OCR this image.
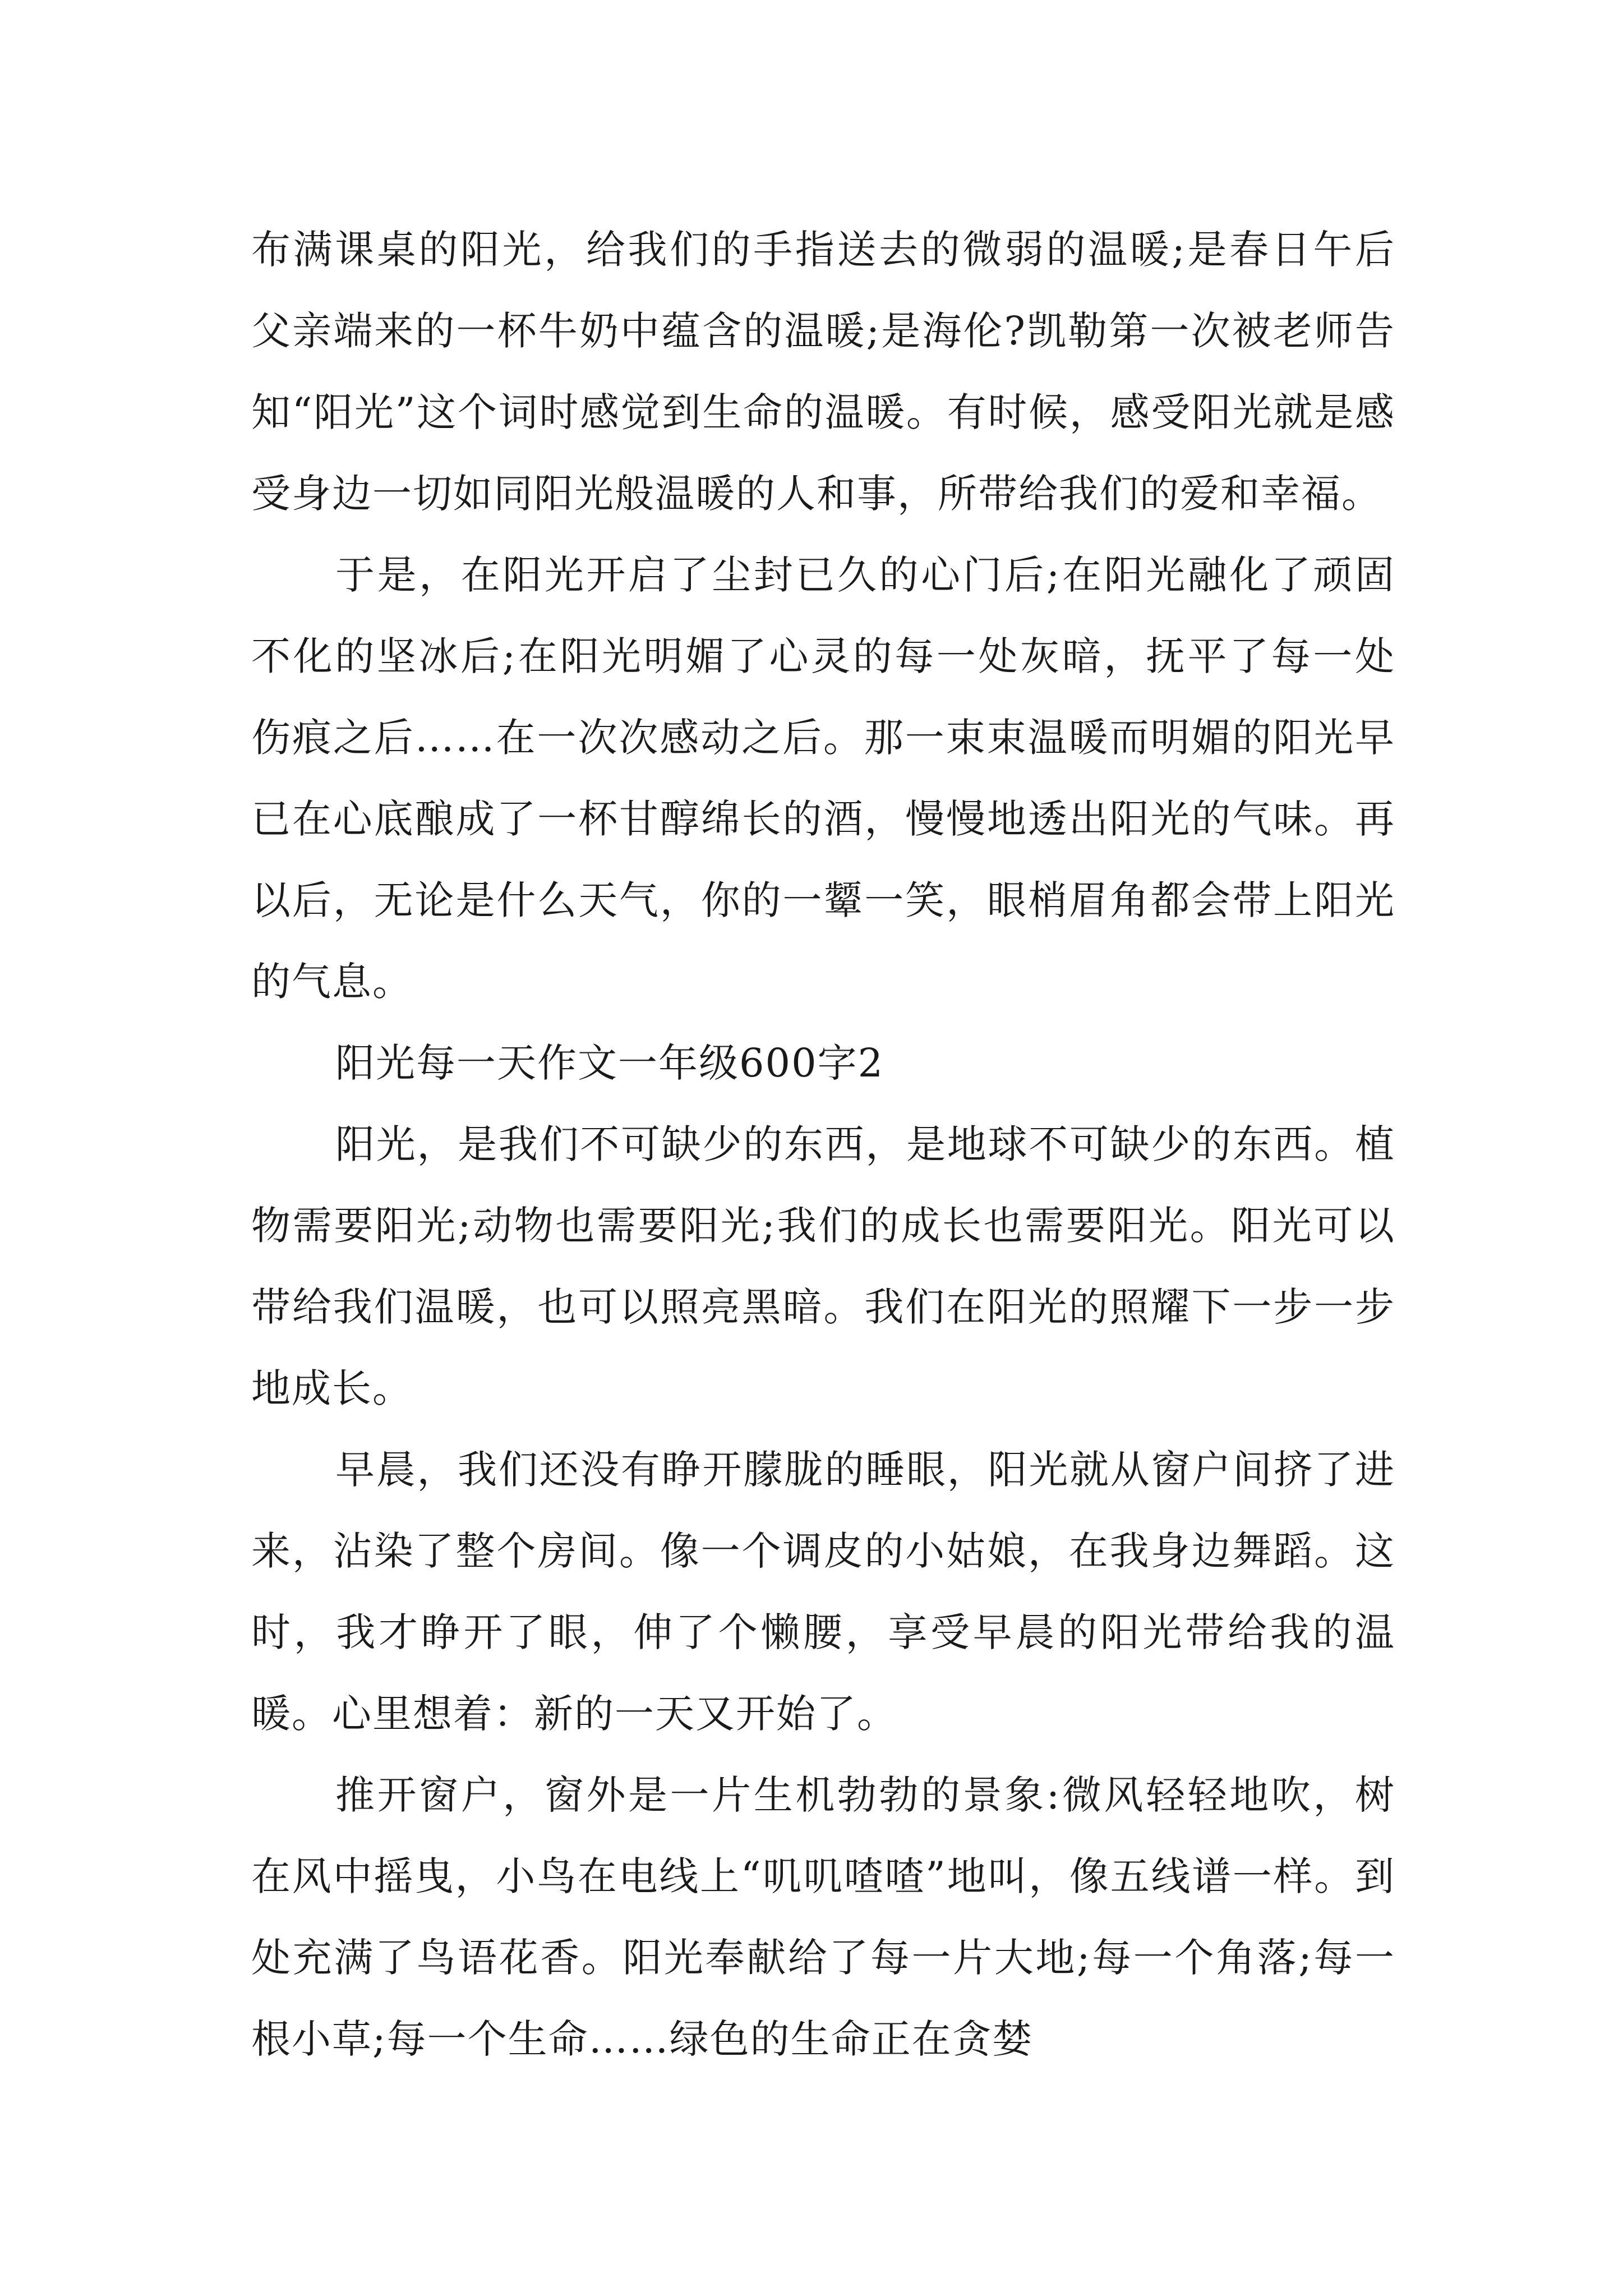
布满课桌的阳光，给我们的手指送去的微弱的温暖;是春日午后父亲端来的一杯牛奶中蕴含的温暖;是海伦?凯勒第一次被老师告知“阳光”这个词时感觉到生命的温暖。有时候，感受阳光就是感受身边一切如同阳光般温暖的人和事，所带给我们的爱和幸福。

于是，在阳光开启了尘封已久的心门后;在阳光融化了顽固不化的坚冰后;在阳光明媚了心灵的每一处灰暗，抚平了每一处伤痕之后……在一次次感动之后。那一束束温暖而明媚的阳光早已在心底酿成了一杯甘醇绵长的酒，慢慢地透出阳光的气味。再以后，无论是什么天气，你的一颦一笑，眼梢眉角都会带上阳光的气息。

阳光每一天作文一年级600字2

阳光，是我们不可缺少的东西，是地球不可缺少的东西。植物需要阳光;动物也需要阳光;我们的成长也需要阳光。阳光可以带给我们温暖，也可以照亮黑暗。我们在阳光的照耀下一步一步地成长。

早晨，我们还没有睁开朦胧的睡眼，阳光就从窗户间挤了进来，沾染了整个房间。像一个调皮的小姑娘，在我身边舞蹈。这时，我才睁开了眼，伸了个懒腰，享受早晨的阳光带给我的温暖。心里想着：新的一天又开始了。

推开窗户，窗外是一片生机勃勃的景象:微风轻轻地吹，树在风中摇曳，小鸟在电线上“叽叽喳喳”地叫，像五线谱一样。到处充满了鸟语花香。阳光奉献给了每一片大地;每一个角落;每一根小草;每一个生命……绿色的生命正在贪婪
